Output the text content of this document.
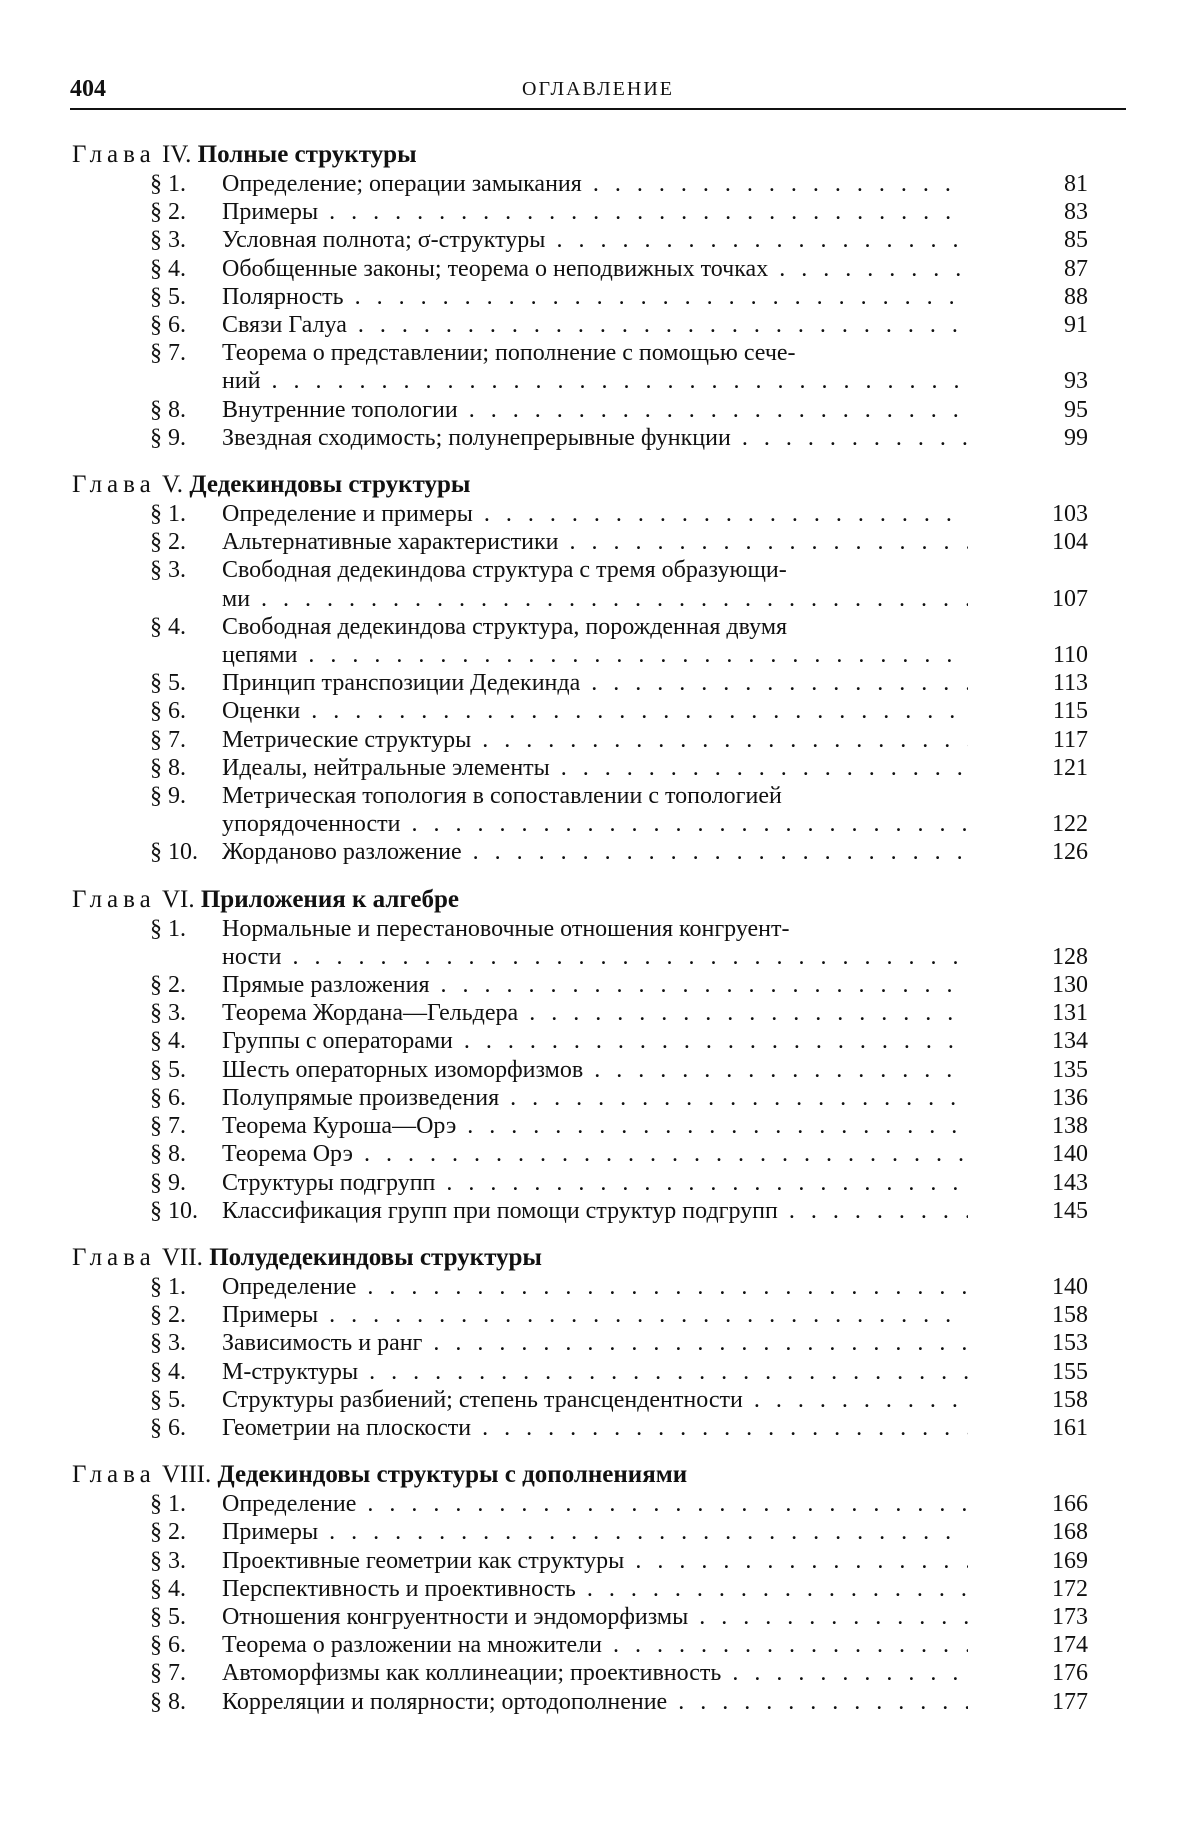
404	ОГЛАВЛЕНИЕ
Глава IV. Полные структуры
§ 1. Определение; операции замыкания . . .	81
§ 2. Примеры . . .	83
§ 3. Условная полнота; σ-структуры . . .	85
§ 4. Обобщенные законы; теорема о неподвижных точках . . .	87
§ 5. Полярность . . .	88
§ 6. Связи Галуа . . .	91
§ 7. Теорема о представлении; пополнение с помощью сече-
ний . . .	93
§ 8. Внутренние топологии . . .	95
§ 9. Звездная сходимость; полунепрерывные функции . . .	99
Глава V. Дедекиндовы структуры
§ 1. Определение и примеры . . .	103
§ 2. Альтернативные характеристики . . .	104
§ 3. Свободная дедекиндова структура с тремя образующи-
ми . . .	107
§ 4. Свободная дедекиндова структура, порожденная двумя
цепями . . .	110
§ 5. Принцип транспозиции Дедекинда . . .	113
§ 6. Оценки . . .	115
§ 7. Метрические структуры . . .	117
§ 8. Идеалы, нейтральные элементы . . .	121
§ 9. Метрическая топология в сопоставлении с топологией
упорядоченности . . .	122
§ 10. Жорданово разложение . . .	126
Глава VI. Приложения к алгебре
§ 1. Нормальные и перестановочные отношения конгруент-
ности . . .	128
§ 2. Прямые разложения . . .	130
§ 3. Теорема Жордана—Гельдера . . .	131
§ 4. Группы с операторами . . .	134
§ 5. Шесть операторных изоморфизмов . . .	135
§ 6. Полупрямые произведения . . .	136
§ 7. Теорема Куроша—Орэ . . .	138
§ 8. Теорема Орэ . . .	140
§ 9. Структуры подгрупп . . .	143
§ 10. Классификация групп при помощи структур подгрупп . . .	145
Глава VII. Полудедекиндовы структуры
§ 1. Определение . . .	140
§ 2. Примеры . . .	158
§ 3. Зависимость и ранг . . .	153
§ 4. M-структуры . . .	155
§ 5. Структуры разбиений; степень трансцендентности . . .	158
§ 6. Геометрии на плоскости . . .	161
Глава VIII. Дедекиндовы структуры с дополнениями
§ 1. Определение . . .	166
§ 2. Примеры . . .	168
§ 3. Проективные геометрии как структуры . . .	169
§ 4. Перспективность и проективность . . .	172
§ 5. Отношения конгруентности и эндоморфизмы . . .	173
§ 6. Теорема о разложении на множители . . .	174
§ 7. Автоморфизмы как коллинеации; проективность . . .	176
§ 8. Корреляции и полярности; ортодополнение . . .	177
